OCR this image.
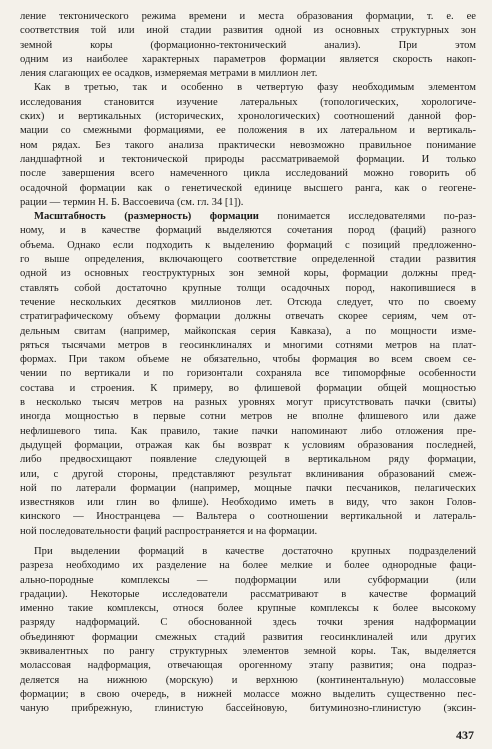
ление тектонического режима времени и места образования формации, т. е. ее
соответствия той или иной стадии развития одной из основных структурных зон
земной коры (формационно-тектонический анализ). При этом
одним из наиболее характерных параметров формации является скорость накоп-
ления слагающих ее осадков, измеряемая метрами в миллион лет.

Как в третью, так и особенно в четвертую фазу необходимым элементом
исследования становится изучение латеральных (топологических, хорологиче-
ских) и вертикальных (исторических, хронологических) соотношений данной фор-
мации со смежными формациями, ее положения в их латеральном и вертикаль-
ном рядах. Без такого анализа практически невозможно правильное понимание
ландшафтной и тектонической природы рассматриваемой формации. И только
после завершения всего намеченного цикла исследований можно говорить об
осадочной формации как о генетической единице высшего ранга, как о геогене-
рации — термин Н. Б. Вассоевича (см. гл. 34 [1]).

Масштабность (размерность) формации понимается исследователями по-раз-
ному, и в качестве формаций выделяются сочетания пород (фаций) разного
объема. Однако если подходить к выделению формаций с позиций предложенно-
го выше определения, включающего соответствие определенной стадии развития
одной из основных геоструктурных зон земной коры, формации должны пред-
ставлять собой достаточно крупные толщи осадочных пород, накопившиеся в
течение нескольких десятков миллионов лет. Отсюда следует, что по своему
стратиграфическому объему формации должны отвечать скорее сериям, чем от-
дельным свитам (например, майкопская серия Кавказа), а по мощности изме-
ряться тысячами метров в геосинклиналях и многими сотнями метров на плат-
формах. При таком объеме не обязательно, чтобы формация во всем своем се-
чении по вертикали и по горизонтали сохраняла все типоморфные особенности
состава и строения. К примеру, во флишевой формации общей мощностью
в несколько тысяч метров на разных уровнях могут присутствовать пачки (свиты)
иногда мощностью в первые сотни метров не вполне флишевого или даже
нефлишевого типа. Как правило, такие пачки напоминают либо отложения пре-
дыдущей формации, отражая как бы возврат к условиям образования последней,
либо предвосхищают появление следующей в вертикальном ряду формации,
или, с другой стороны, представляют результат вклинивания образований смеж-
ной по латерали формации (например, мощные пачки песчаников, пелагических
известняков или глин во флише). Необходимо иметь в виду, что закон Голов-
кинского — Иностранцева — Вальтера о соотношении вертикальной и латераль-
ной последовательности фаций распространяется и на формации.

При выделении формаций в качестве достаточно крупных подразделений
разреза необходимо их разделение на более мелкие и более однородные фаци-
ально-породные комплексы — подформации или субформации (или
градации). Некоторые исследователи рассматривают в качестве формаций
именно такие комплексы, относя более крупные комплексы к более высокому
разряду надформаций. С обоснованной здесь точки зрения надформации
объединяют формации смежных стадий развития геосинклиналей или других
эквивалентных по рангу структурных элементов земной коры. Так, выделяется
молассовая надформация, отвечающая орогенному этапу развития; она подраз-
деляется на нижнюю (морскую) и верхнюю (континентальную) молассовые
формации; в свою очередь, в нижней молассе можно выделить существенно пес-
чаную прибрежную, глинистую бассейновую, битуминозно-глинистую (эксин-

437
